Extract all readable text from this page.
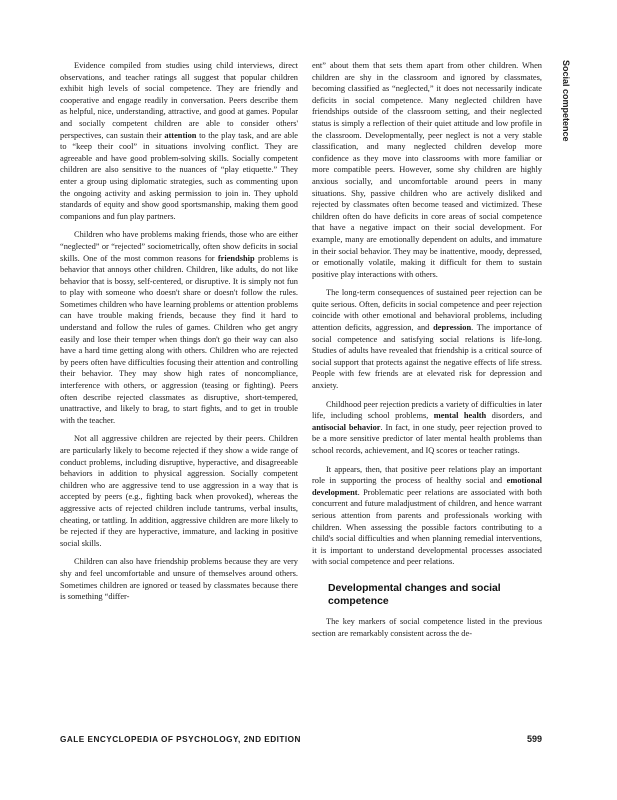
Evidence compiled from studies using child interviews, direct observations, and teacher ratings all suggest that popular children exhibit high levels of social competence. They are friendly and cooperative and engage readily in conversation. Peers describe them as helpful, nice, understanding, attractive, and good at games. Popular and socially competent children are able to consider others' perspectives, can sustain their attention to the play task, and are able to “keep their cool” in situations involving conflict. They are agreeable and have good problem-solving skills. Socially competent children are also sensitive to the nuances of “play etiquette.” They enter a group using diplomatic strategies, such as commenting upon the ongoing activity and asking permission to join in. They uphold standards of equity and show good sportsmanship, making them good companions and fun play partners.

Children who have problems making friends, those who are either “neglected” or “rejected” sociometrically, often show deficits in social skills. One of the most common reasons for friendship problems is behavior that annoys other children. Children, like adults, do not like behavior that is bossy, self-centered, or disruptive. It is simply not fun to play with someone who doesn't share or doesn't follow the rules. Sometimes children who have learning problems or attention problems can have trouble making friends, because they find it hard to understand and follow the rules of games. Children who get angry easily and lose their temper when things don't go their way can also have a hard time getting along with others. Children who are rejected by peers often have difficulties focusing their attention and controlling their behavior. They may show high rates of noncompliance, interference with others, or aggression (teasing or fighting). Peers often describe rejected classmates as disruptive, short-tempered, unattractive, and likely to brag, to start fights, and to get in trouble with the teacher.

Not all aggressive children are rejected by their peers. Children are particularly likely to become rejected if they show a wide range of conduct problems, including disruptive, hyperactive, and disagreeable behaviors in addition to physical aggression. Socially competent children who are aggressive tend to use aggression in a way that is accepted by peers (e.g., fighting back when provoked), whereas the aggressive acts of rejected children include tantrums, verbal insults, cheating, or tattling. In addition, aggressive children are more likely to be rejected if they are hyperactive, immature, and lacking in positive social skills.

Children can also have friendship problems because they are very shy and feel uncomfortable and unsure of themselves around others. Sometimes children are ignored or teased by classmates because there is something “differ-

ent” about them that sets them apart from other children. When children are shy in the classroom and ignored by classmates, becoming classified as “neglected,” it does not necessarily indicate deficits in social competence. Many neglected children have friendships outside of the classroom setting, and their neglected status is simply a reflection of their quiet attitude and low profile in the classroom. Developmentally, peer neglect is not a very stable classification, and many neglected children develop more confidence as they move into classrooms with more familiar or more compatible peers. However, some shy children are highly anxious socially, and uncomfortable around peers in many situations. Shy, passive children who are actively disliked and rejected by classmates often become teased and victimized. These children often do have deficits in core areas of social competence that have a negative impact on their social development. For example, many are emotionally dependent on adults, and immature in their social behavior. They may be inattentive, moody, depressed, or emotionally volatile, making it difficult for them to sustain positive play interactions with others.

The long-term consequences of sustained peer rejection can be quite serious. Often, deficits in social competence and peer rejection coincide with other emotional and behavioral problems, including attention deficits, aggression, and depression. The importance of social competence and satisfying social relations is life-long. Studies of adults have revealed that friendship is a critical source of social support that protects against the negative effects of life stress. People with few friends are at elevated risk for depression and anxiety.

Childhood peer rejection predicts a variety of difficulties in later life, including school problems, mental health disorders, and antisocial behavior. In fact, in one study, peer rejection proved to be a more sensitive predictor of later mental health problems than school records, achievement, and IQ scores or teacher ratings.

It appears, then, that positive peer relations play an important role in supporting the process of healthy social and emotional development. Problematic peer relations are associated with both concurrent and future maladjustment of children, and hence warrant serious attention from parents and professionals working with children. When assessing the possible factors contributing to a child's social difficulties and when planning remedial interventions, it is important to understand developmental processes associated with social competence and peer relations.

Developmental changes and social competence

The key markers of social competence listed in the previous section are remarkably consistent across the de-

Social competence
GALE ENCYCLOPEDIA OF PSYCHOLOGY, 2ND EDITION	599
